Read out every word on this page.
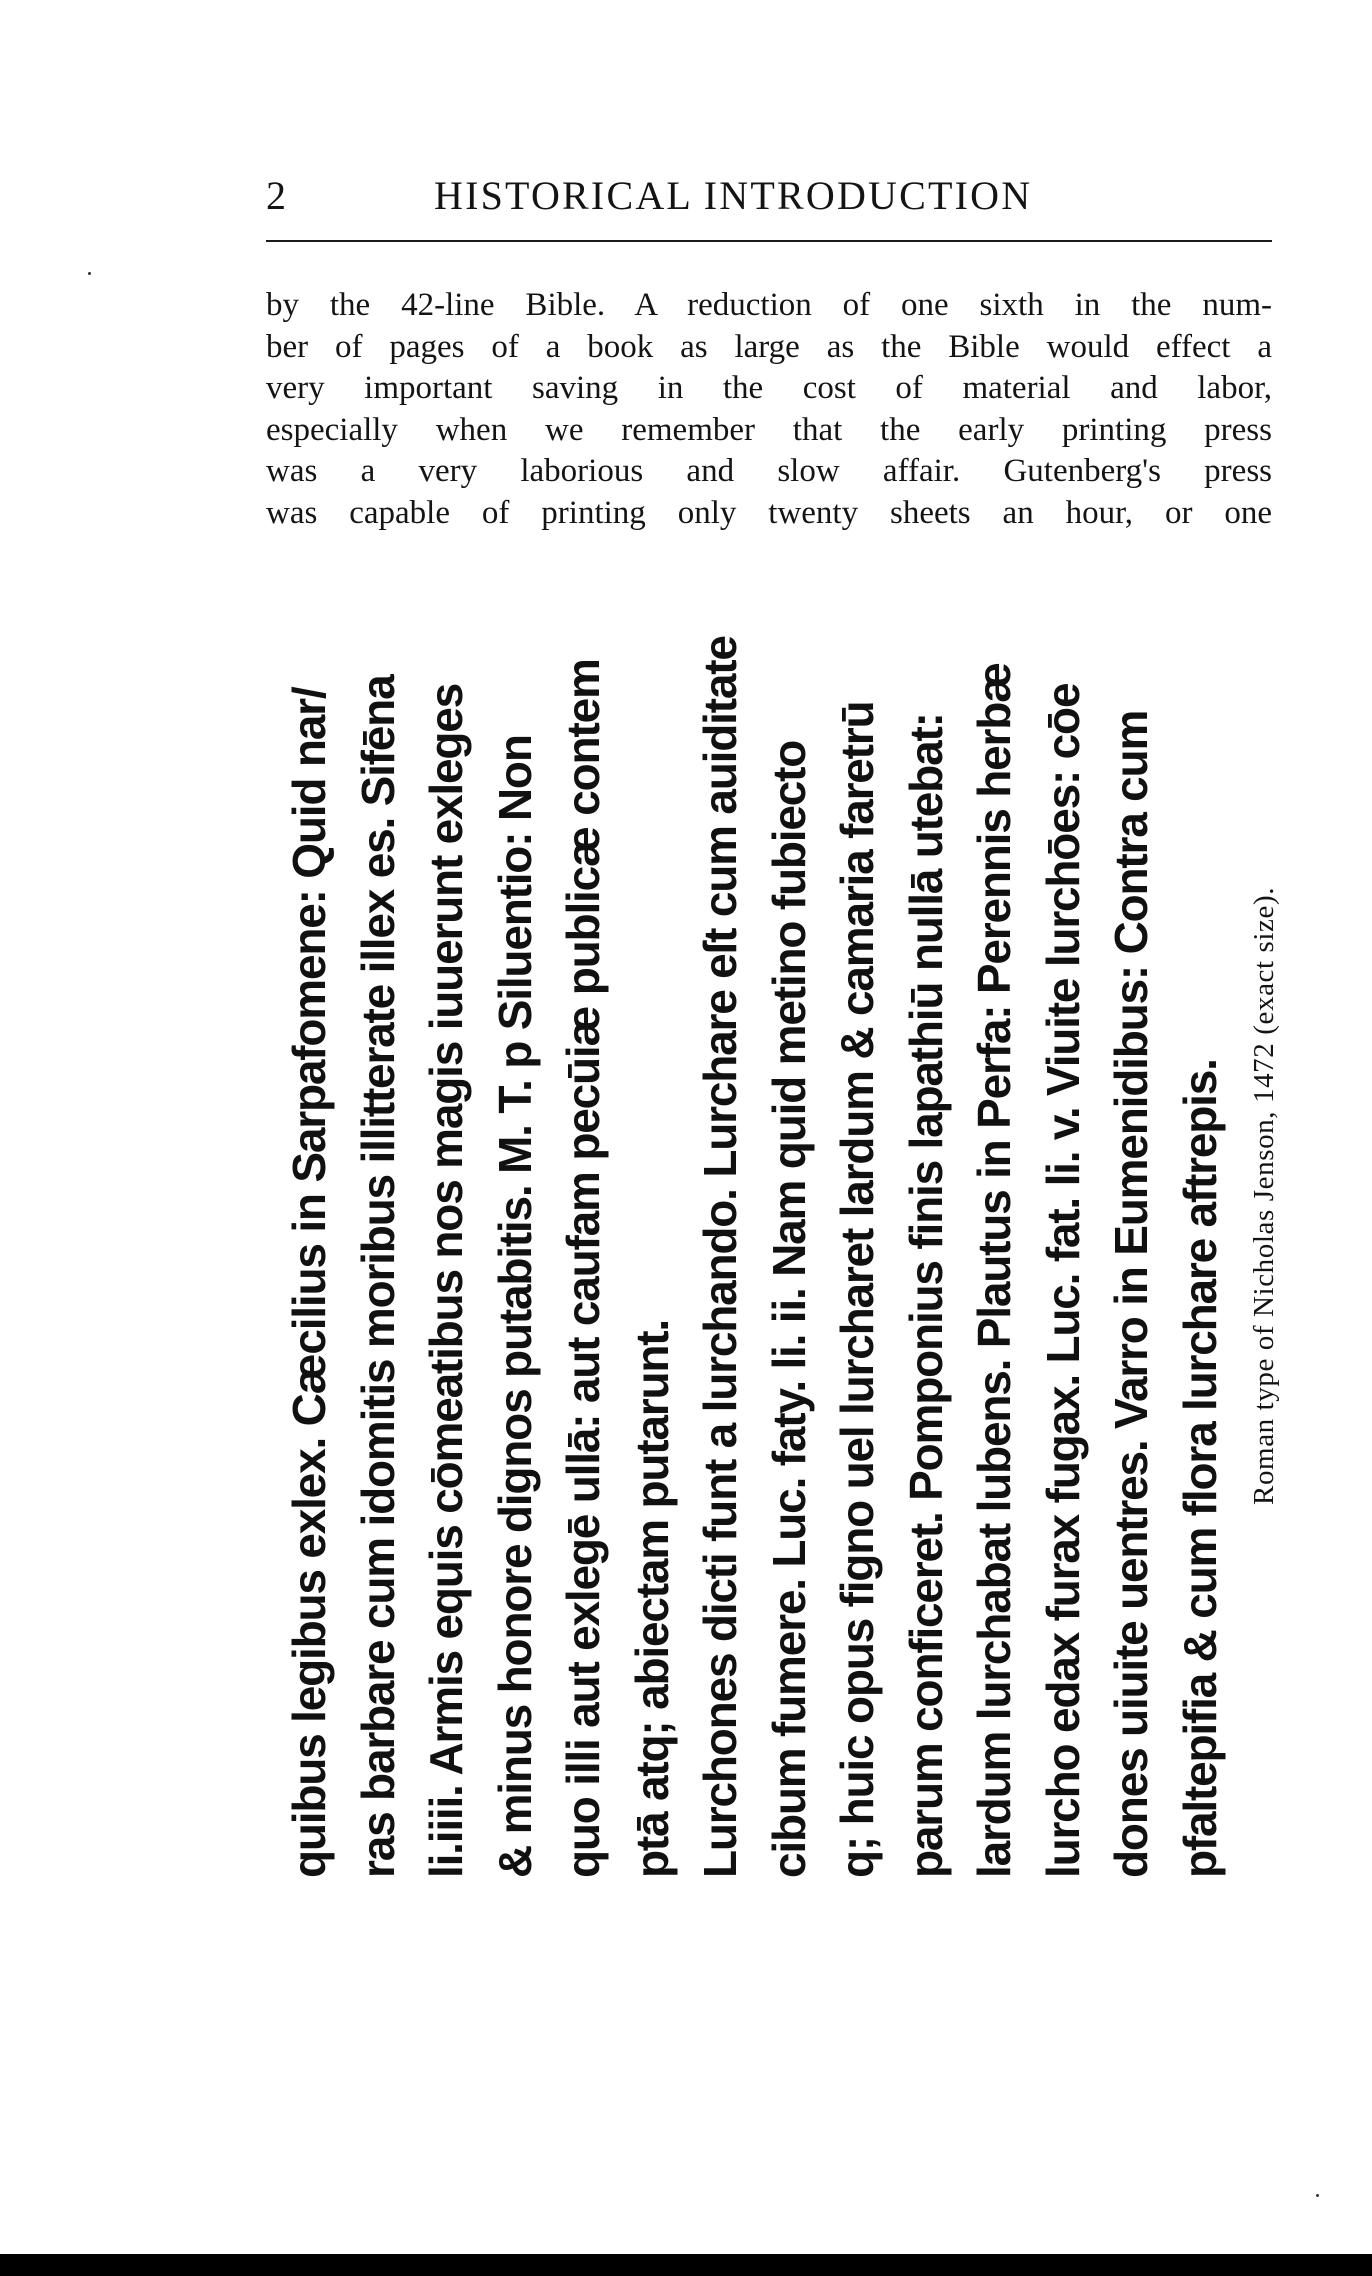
2	HISTORICAL INTRODUCTION
by the 42-line Bible. A reduction of one sixth in the num-
ber of pages of a book as large as the Bible would effect a
very important saving in the cost of material and labor,
especially when we remember that the early printing press
was a very laborious and slow affair. Gutenberg's press
was capable of printing only twenty sheets an hour, or one
quibus legibus exlex. Cæcilius in Sarpafomene: Quid nar/ ras barbare cum idomitis moribus illitterate illex es. Sifēna li.iiii. Armis equis cōmeatibus nos magis iuuerunt exleges & minus honore dignos putabitis. M. T. p Siluentio: Non quo illi aut exlegē ullā: aut caufam pecūiæ publicæ contem ptā atq; abiectam putarunt. Lurchones dicti funt a lurchando. Lurchare eſt cum auiditate cibum fumere. Luc. faty. li. ii. Nam quid metino fubiecto q; huic opus figno uel lurcharet lardum & camaria faretrū parum conficeret. Pomponius finis lapathiū nullā utebat: lardum lurchabat lubens. Plautus in Perfa: Perennis herbæ lurcho edax furax fugax. Luc. fat. li. v. Viuite lurchōes: cōe dones uiuite uentres. Varro in Eumenidibus: Contra cum pfaltepifia & cum flora lurchare aftrepis. Roman type of Nicholas Jenson, 1472 (exact size).
